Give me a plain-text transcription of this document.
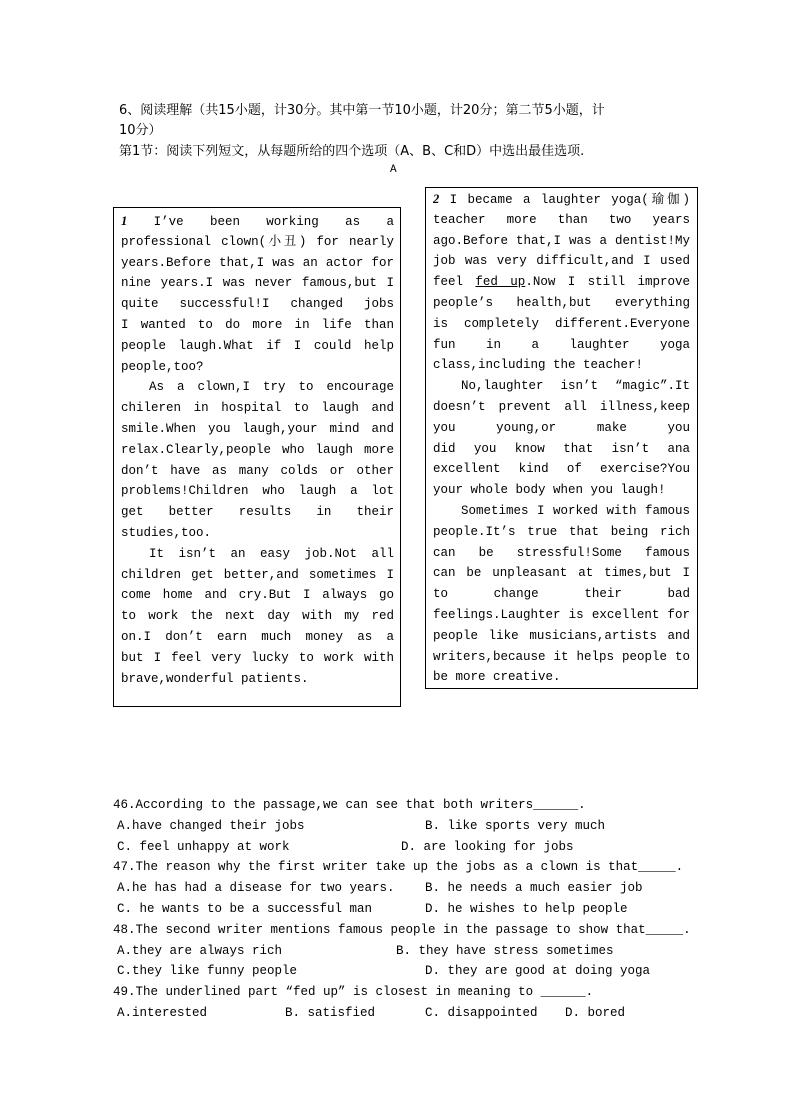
6、阅读理解（共15小题，计30分。其中第一节10小题，计20分；第二节5小题，计
10分）
第1节：阅读下列短文，从每题所给的四个选项（A、B、C和D）中选出最佳选项.
A
1 I’ve been working as a
professional clown(小丑) for nearly
years.Before that,I was an actor for
nine years.I was never famous,but I
quite successful!I changed jobs
I wanted to do more in life than
people laugh.What if I could help
people,too?
As a clown,I try to encourage
chileren in hospital to laugh and
smile.When you laugh,your mind and
relax.Clearly,people who laugh more
don’t have as many colds or other
problems!Children who laugh a lot
get better results in their
studies,too.
It isn’t an easy job.Not all
children get better,and sometimes I
come home and cry.But I always go
to work the next day with my red
on.I don’t earn much money as a
but I feel very lucky to work with
brave,wonderful patients.
2 I became a laughter yoga(瑜伽)
teacher more than two years
ago.Before that,I was a dentist!My
job was very difficult,and I used
feel fed up.Now I still improve
people’s health,but everything
is completely different.Everyone
fun in a laughter yoga
class,including the teacher!
No,laughter isn’t “magic”.It
doesn’t prevent all illness,keep
you young,or make you
did you know that isn’t ana
excellent kind of exercise?You
your whole body when you laugh!
Sometimes I worked with famous
people.It’s true that being rich
can be stressful!Some famous
can be unpleasant at times,but I
to change their bad
feelings.Laughter is excellent for
people like musicians,artists and
writers,because it helps people to
be more creative.
46.According to the passage,we can see that both writers______.
A.have changed their jobs	B. like sports very much
C. feel unhappy at work	D. are looking for jobs
47.The reason why the first writer take up the jobs as a clown is that_____.
A.he has had a disease for two years. B. he needs a much easier job
C. he wants to be a successful man	D. he wishes to help people
48.The second writer mentions famous people in the passage to show that_____.
A.they are always rich	B. they have stress sometimes
C.they like funny people	D. they are good at doing yoga
49.The underlined part “fed up” is closest in meaning to ______.
A.interested	B. satisfied	C. disappointed D. bored
